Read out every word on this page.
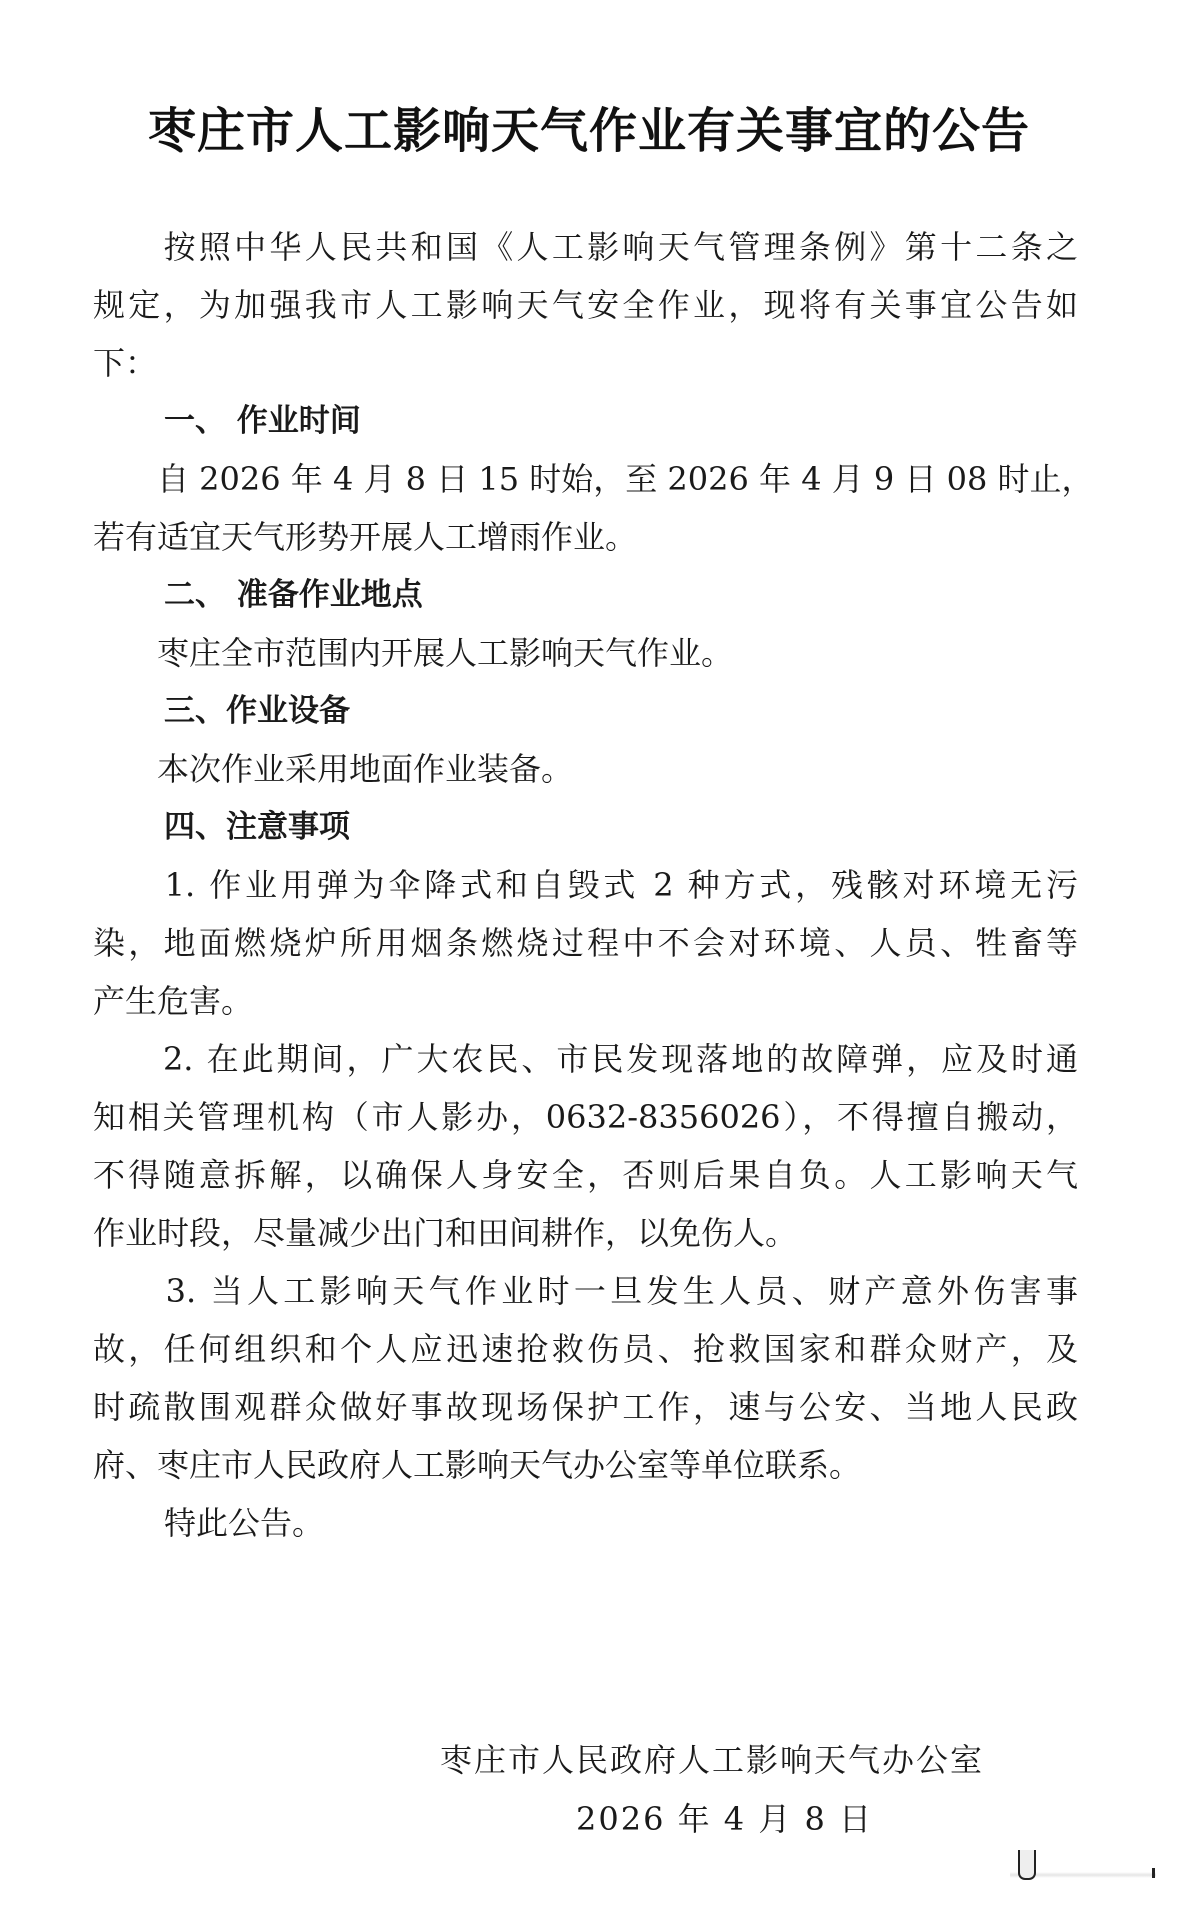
枣庄市人工影响天气作业有关事宜的公告
　　按照中华人民共和国《人工影响天气管理条例》第十二条之
规定，为加强我市人工影响天气安全作业，现将有关事宜公告如
下：
一、 作业时间
　　自 2026 年 4 月 8 日 15 时始，至 2026 年 4 月 9 日 08 时止，
若有适宜天气形势开展人工增雨作业。
二、 准备作业地点
　　枣庄全市范围内开展人工影响天气作业。
三、作业设备
　　本次作业采用地面作业装备。
四、注意事项
　　1. 作业用弹为伞降式和自毁式 2 种方式，残骸对环境无污
染，地面燃烧炉所用烟条燃烧过程中不会对环境、人员、牲畜等
产生危害。
　　2. 在此期间，广大农民、市民发现落地的故障弹，应及时通
知相关管理机构（市人影办，0632-8356026），不得擅自搬动，
不得随意拆解，以确保人身安全，否则后果自负。人工影响天气
作业时段，尽量减少出门和田间耕作，以免伤人。
　　3. 当人工影响天气作业时一旦发生人员、财产意外伤害事
故，任何组织和个人应迅速抢救伤员、抢救国家和群众财产，及
时疏散围观群众做好事故现场保护工作，速与公安、当地人民政
府、枣庄市人民政府人工影响天气办公室等单位联系。
特此公告。
枣庄市人民政府人工影响天气办公室
2026 年 4 月 8 日
